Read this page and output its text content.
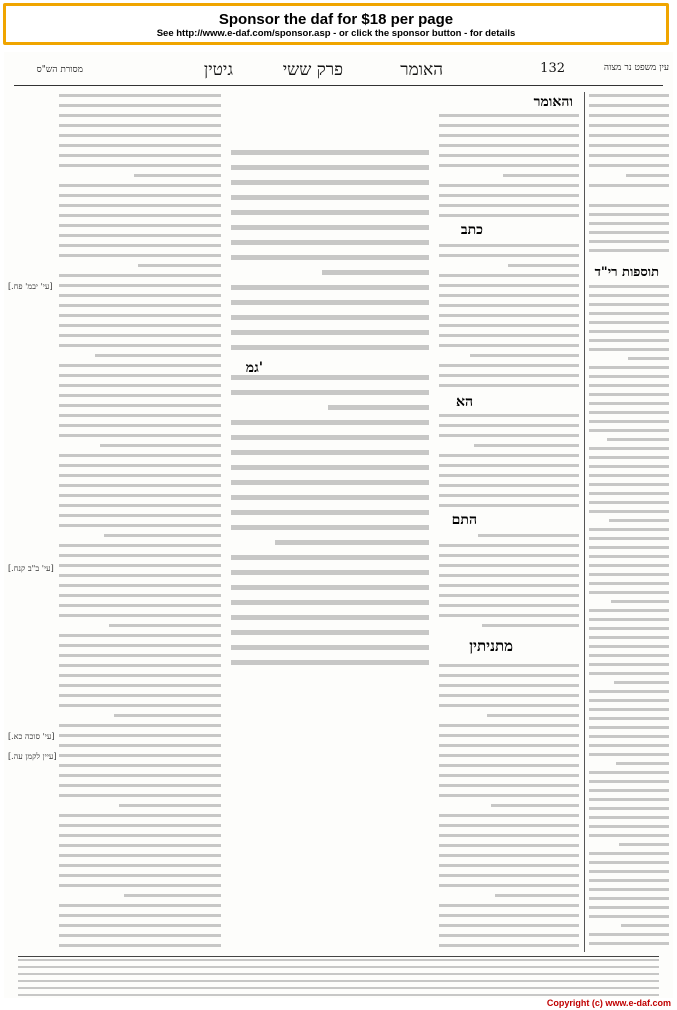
Sponsor the daf for $18 per page
See http://www.e-daf.com/sponsor.asp - or click the sponsor button - for details
132
האומר
פרק ששי
גיטין
מסורת הש"ס	עין משפט נר מצוה
תוספות רי"ד
והאומר
כתב
הא
התם
מתניתין
גמ'
[עי' יבמ' פח.]
[עי' ב"ב קנח.]
[עי' סוכה כא.]
[עיין לקמן עה.]
Copyright (c) www.e-daf.com
